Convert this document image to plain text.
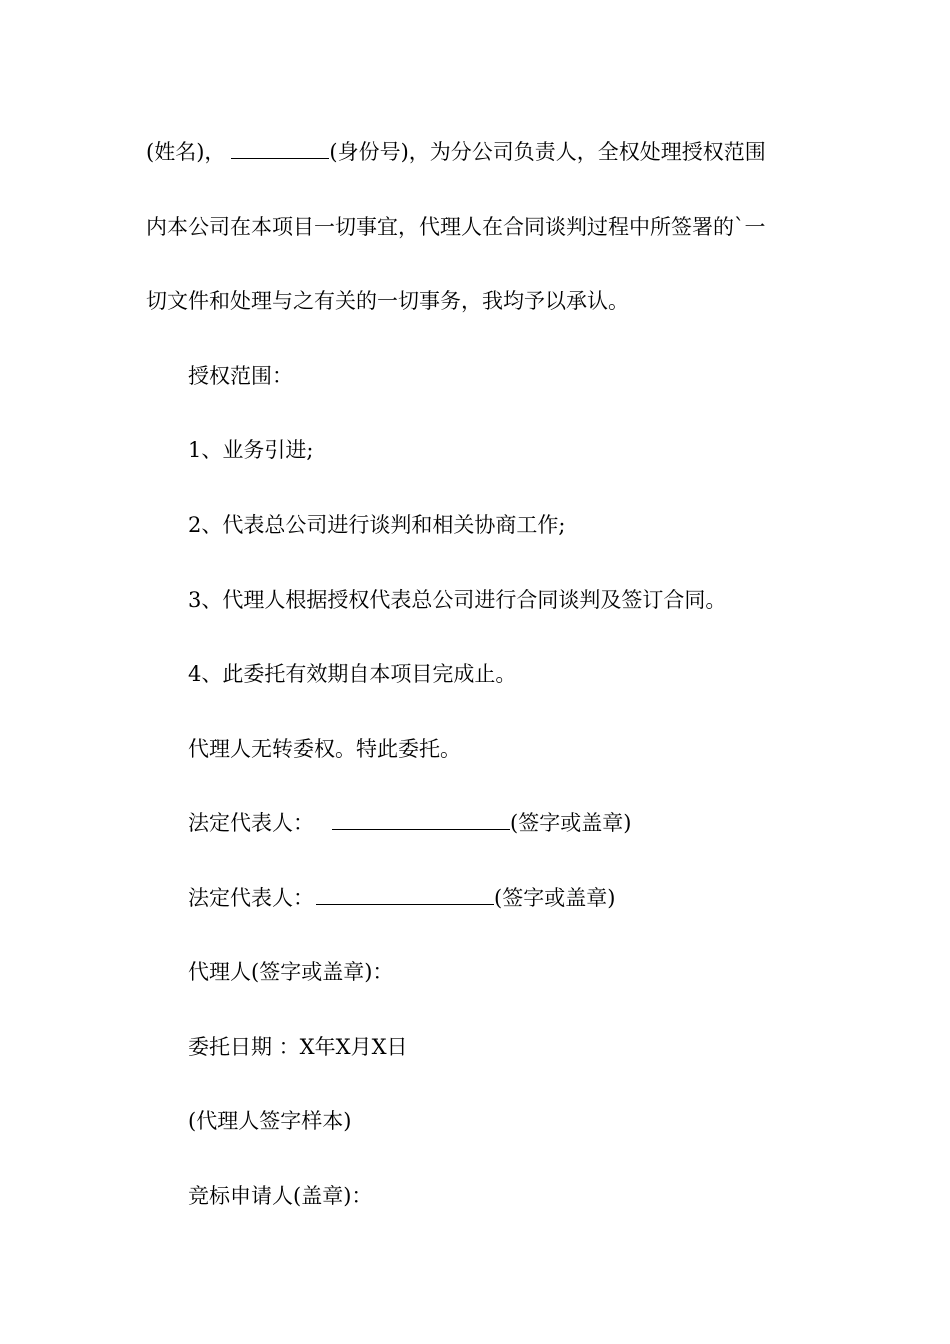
(姓名)，	(身份号)，为分公司负责人，全权处理授权范围
内本公司在本项目一切事宜，代理人在合同谈判过程中所签署的`一
切文件和处理与之有关的一切事务，我均予以承认。
授权范围：
1、业务引进;
2、代表总公司进行谈判和相关协商工作;
3、代理人根据授权代表总公司进行合同谈判及签订合同。
4、此委托有效期自本项目完成止。
代理人无转委权。特此委托。
法定代表人：	(签字或盖章)
法定代表人：	(签字或盖章)
代理人(签字或盖章)：
委托日期 ：X年X月X日
(代理人签字样本)
竞标申请人(盖章)：
